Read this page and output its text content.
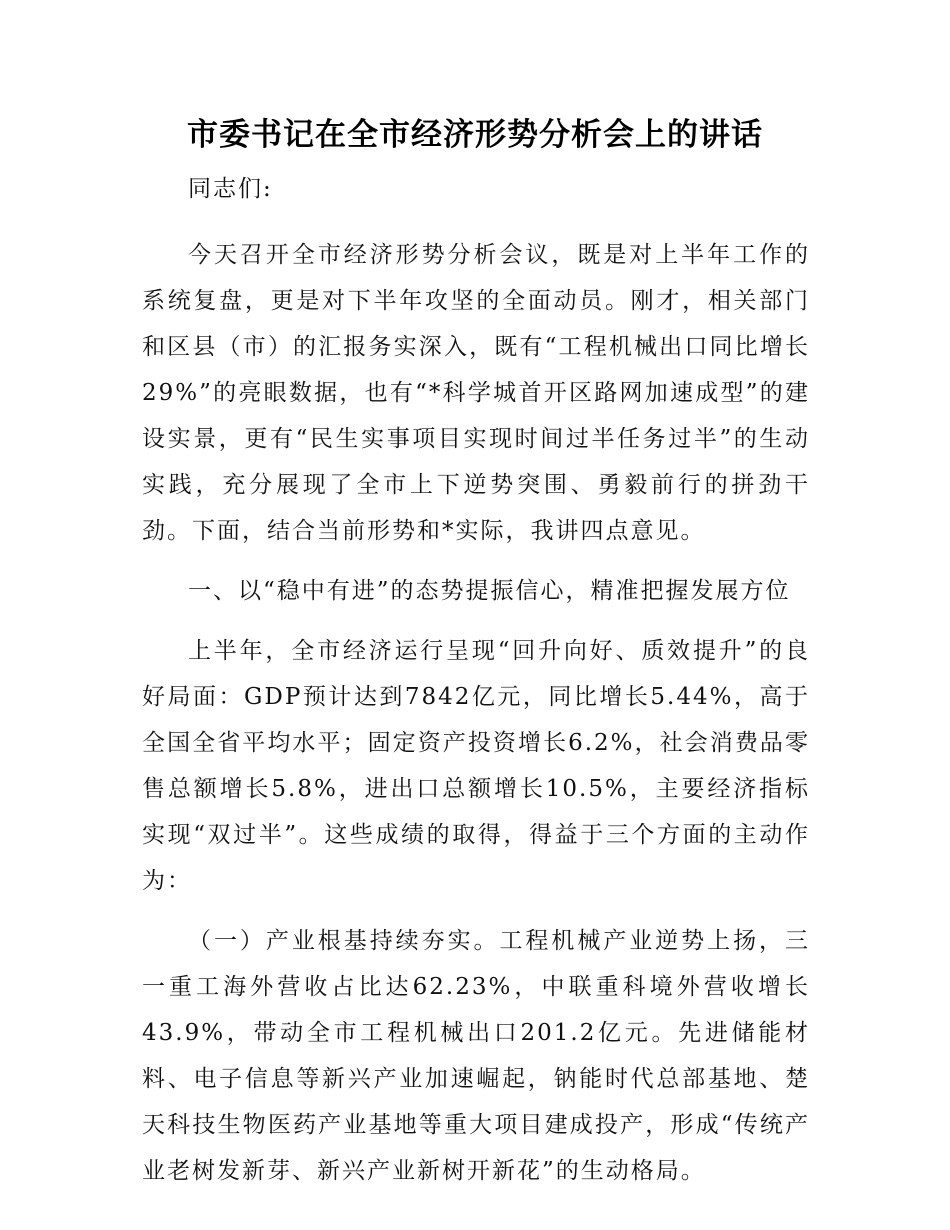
市委书记在全市经济形势分析会上的讲话

同志们:

今天召开全市经济形势分析会议，既是对上半年工作的系统复盘，更是对下半年攻坚的全面动员。刚才，相关部门和区县（市）的汇报务实深入，既有“工程机械出口同比增长29%”的亮眼数据，也有“*科学城首开区路网加速成型”的建设实景，更有“民生实事项目实现时间过半任务过半”的生动实践，充分展现了全市上下逆势突围、勇毅前行的拼劲干劲。下面，结合当前形势和*实际，我讲四点意见。

一、以“稳中有进”的态势提振信心，精准把握发展方位

上半年，全市经济运行呈现“回升向好、质效提升”的良好局面：GDP预计达到7842亿元，同比增长5.44%，高于全国全省平均水平；固定资产投资增长6.2%，社会消费品零售总额增长5.8%，进出口总额增长10.5%，主要经济指标实现“双过半”。这些成绩的取得，得益于三个方面的主动作为：

（一）产业根基持续夯实。工程机械产业逆势上扬，三一重工海外营收占比达62.23%，中联重科境外营收增长43.9%，带动全市工程机械出口201.2亿元。先进储能材料、电子信息等新兴产业加速崛起，钠能时代总部基地、楚天科技生物医药产业基地等重大项目建成投产，形成“传统产业老树发新芽、新兴产业新树开新花”的生动格局。
